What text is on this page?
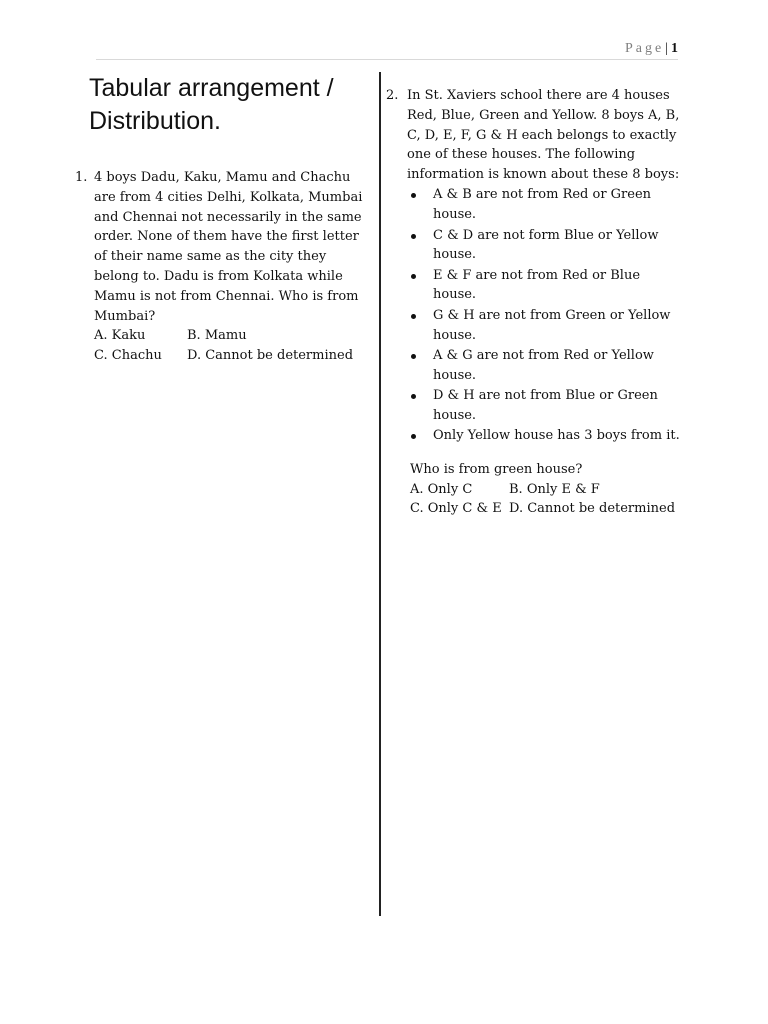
Page| 1
Tabular arrangement /
Distribution.
1. 4 boys Dadu, Kaku, Mamu and Chachu are from 4 cities Delhi, Kolkata, Mumbai and Chennai not necessarily in the same order. None of them have the first letter of their name same as the city they belong to. Dadu is from Kolkata while Mamu is not from Chennai. Who is from Mumbai?
A. Kaku	B. Mamu
C. Chachu	D. Cannot be determined
2. In St. Xaviers school there are 4 houses Red, Blue, Green and Yellow. 8 boys A, B, C, D, E, F, G & H each belongs to exactly one of these houses. The following information is known about these 8 boys:
A & B are not from Red or Green house.
C & D are not form Blue or Yellow house.
E & F are not from Red or Blue house.
G & H are not from Green or Yellow house.
A & G are not from Red or Yellow house.
D & H are not from Blue or Green house.
Only Yellow house has 3 boys from it.
Who is from green house?
A. Only C	B. Only E & F
C. Only C & E D. Cannot be determined
